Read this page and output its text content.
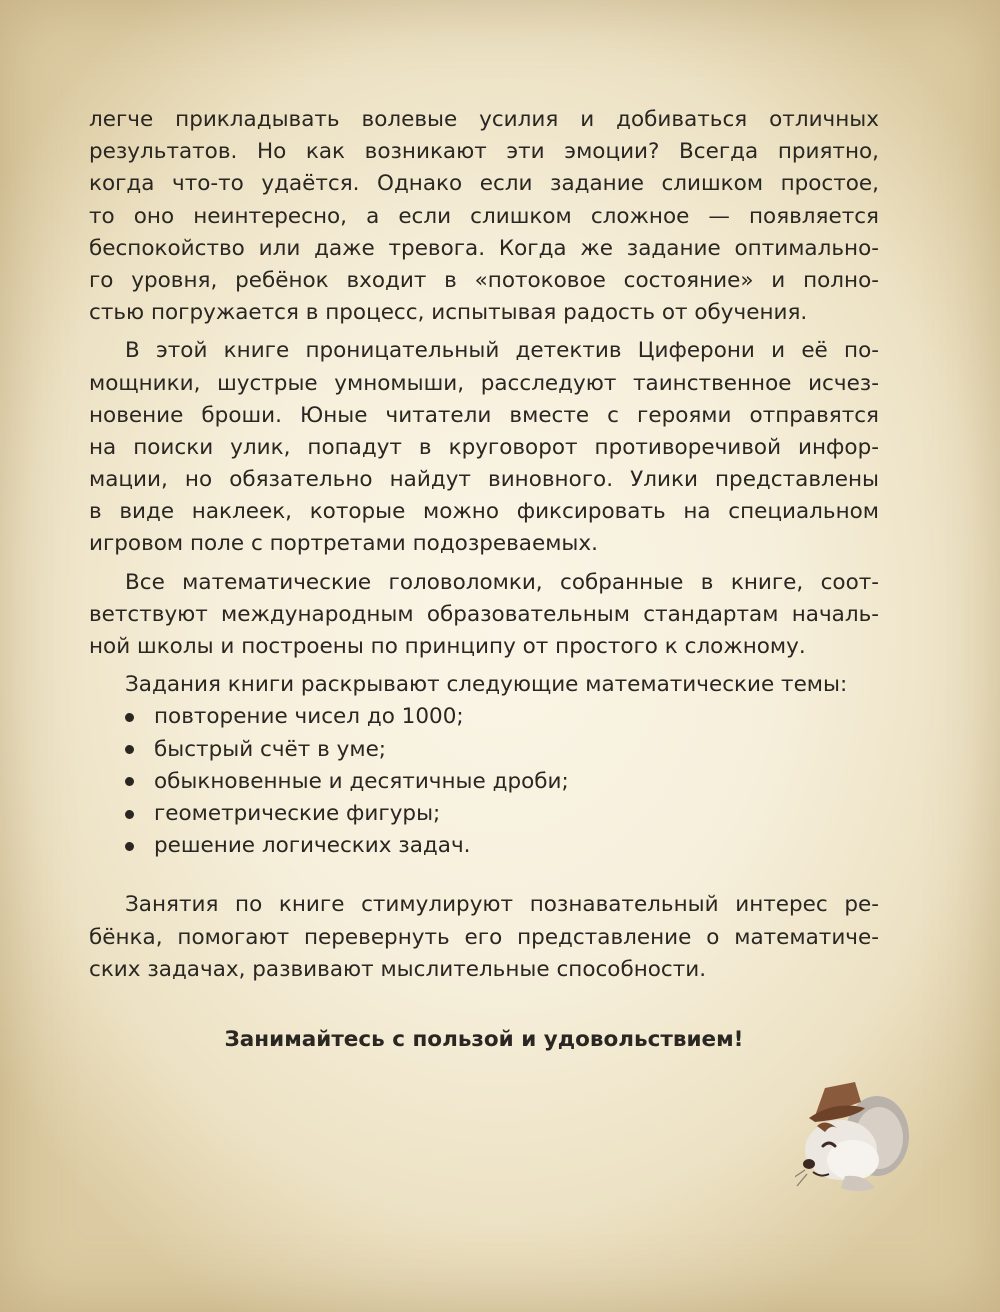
легче прикладывать волевые усилия и добиваться отличных
результатов. Но как возникают эти эмоции? Всегда приятно,
когда что-то удаётся. Однако если задание слишком простое,
то оно неинтересно, а если слишком сложное — появляется
беспокойство или даже тревога. Когда же задание оптимально-
го уровня, ребёнок входит в «потоковое состояние» и полно-
стью погружается в процесс, испытывая радость от обучения.
В этой книге проницательный детектив Циферони и её по-
мощники, шустрые умномыши, расследуют таинственное исчез-
новение броши. Юные читатели вместе с героями отправятся
на поиски улик, попадут в круговорот противоречивой инфор-
мации, но обязательно найдут виновного. Улики представлены
в виде наклеек, которые можно фиксировать на специальном
игровом поле с портретами подозреваемых.
Все математические головоломки, собранные в книге, соот-
ветствуют международным образовательным стандартам началь-
ной школы и построены по принципу от простого к сложному.
Задания книги раскрывают следующие математические темы:
повторение чисел до 1000;
быстрый счёт в уме;
обыкновенные и десятичные дроби;
геометрические фигуры;
решение логических задач.
Занятия по книге стимулируют познавательный интерес ре-
бёнка, помогают перевернуть его представление о математиче-
ских задачах, развивают мыслительные способности.
Занимайтесь с пользой и удовольствием!
